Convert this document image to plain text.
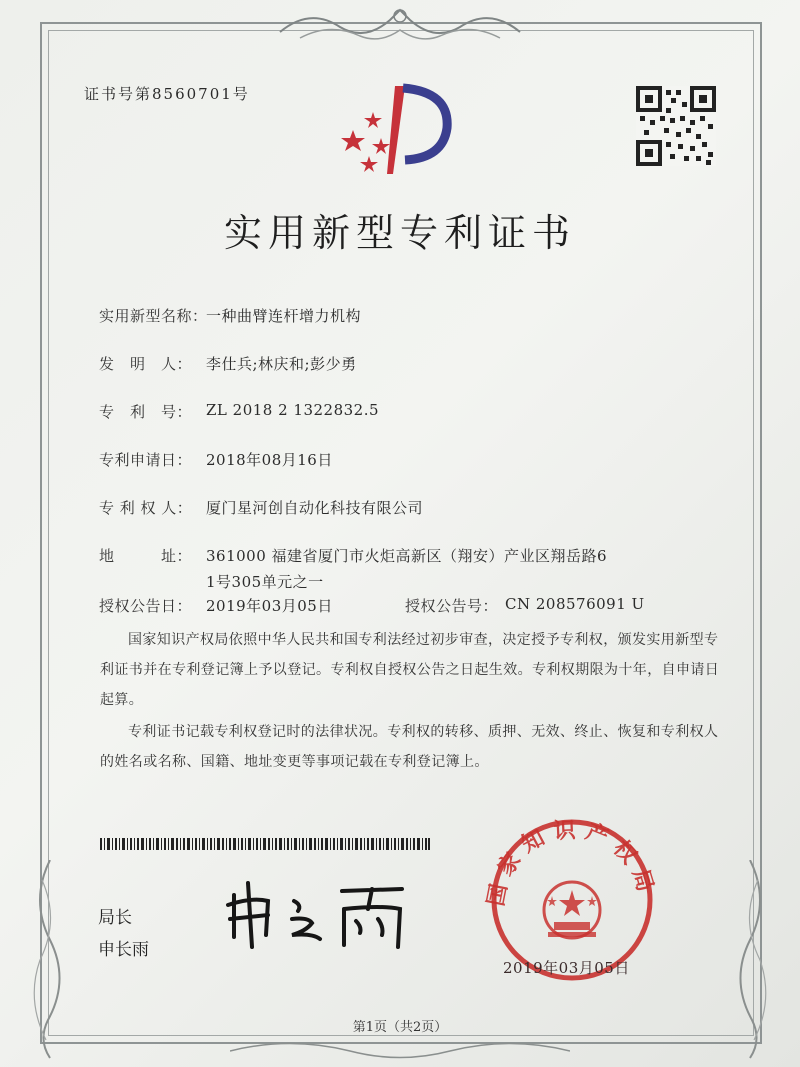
证书号第8560701号
实用新型专利证书
实用新型名称：
一种曲臂连杆增力机构
发　明　人： 李仕兵;林庆和;彭少勇
专　利　号： ZL 2018 2 1322832.5
专利申请日： 2018年08月16日
专 利 权 人： 厦门星河创自动化科技有限公司
地　　　址： 361000 福建省厦门市火炬高新区（翔安）产业区翔岳路6
1号305单元之一
授权公告日： 2019年03月05日	授权公告号： CN 208576091 U
国家知识产权局依照中华人民共和国专利法经过初步审查，决定授予专利权，颁发实用新型专利证书并在专利登记簿上予以登记。专利权自授权公告之日起生效。专利权期限为十年，自申请日起算。
专利证书记载专利权登记时的法律状况。专利权的转移、质押、无效、终止、恢复和专利权人的姓名或名称、国籍、地址变更等事项记载在专利登记簿上。
局长
申长雨
国家知识产权局
2019年03月05日
第1页（共2页）
